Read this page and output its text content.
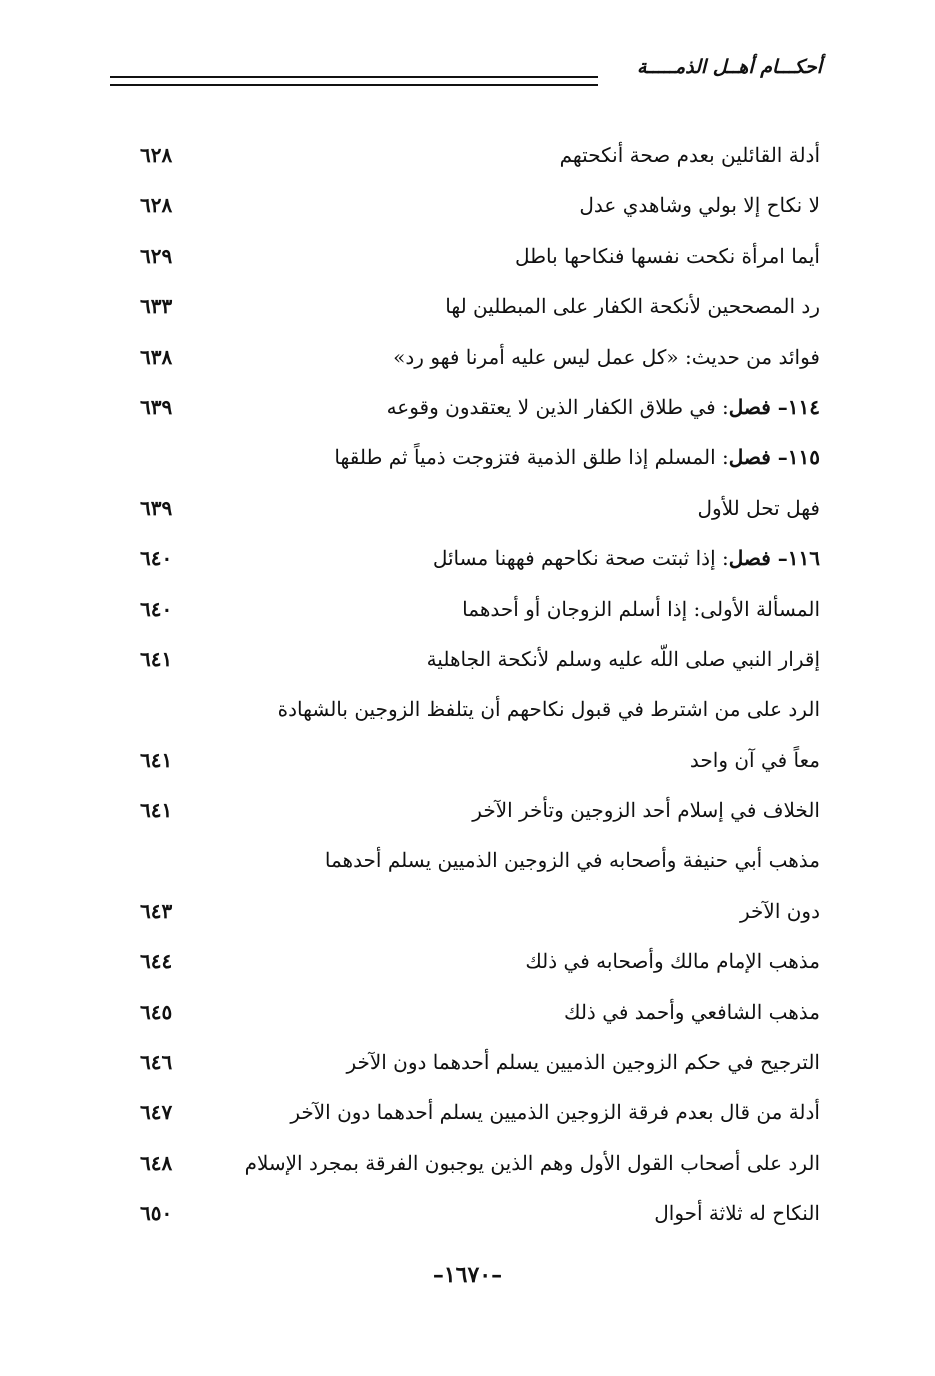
أحكـــام أهــل الذمـــــة
أدلة القائلين بعدم صحة أنكحتهم
٦٢٨
لا نكاح إلا بولي وشاهدي عدل
٦٢٨
أيما امرأة نكحت نفسها فنكاحها باطل
٦٢٩
رد المصححين لأنكحة الكفار على المبطلين لها
٦٣٣
فوائد من حديث: «كل عمل ليس عليه أمرنا فهو رد»
٦٣٨
١١٤– فصل: في طلاق الكفار الذين لا يعتقدون وقوعه
٦٣٩
١١٥– فصل: المسلم إذا طلق الذمية فتزوجت ذمياً ثم طلقها
فهل تحل للأول
٦٣٩
١١٦– فصل: إذا ثبتت صحة نكاحهم فههنا مسائل
٦٤٠
المسألة الأولى: إذا أسلم الزوجان أو أحدهما
٦٤٠
إقرار النبي صلى اللّه عليه وسلم لأنكحة الجاهلية
٦٤١
الرد على من اشترط في قبول نكاحهم أن يتلفظ الزوجين بالشهادة
معاً في آن واحد
٦٤١
الخلاف في إسلام أحد الزوجين وتأخر الآخر
٦٤١
مذهب أبي حنيفة وأصحابه في الزوجين الذميين يسلم أحدهما
دون الآخر
٦٤٣
مذهب الإمام مالك وأصحابه في ذلك
٦٤٤
مذهب الشافعي وأحمد في ذلك
٦٤٥
الترجيح في حكم الزوجين الذميين يسلم أحدهما دون الآخر
٦٤٦
أدلة من قال بعدم فرقة الزوجين الذميين يسلم أحدهما دون الآخر
٦٤٧
الرد على أصحاب القول الأول وهم الذين يوجبون الفرقة بمجرد الإسلام
٦٤٨
النكاح له ثلاثة أحوال
٦٥٠
–١٦٧٠–
